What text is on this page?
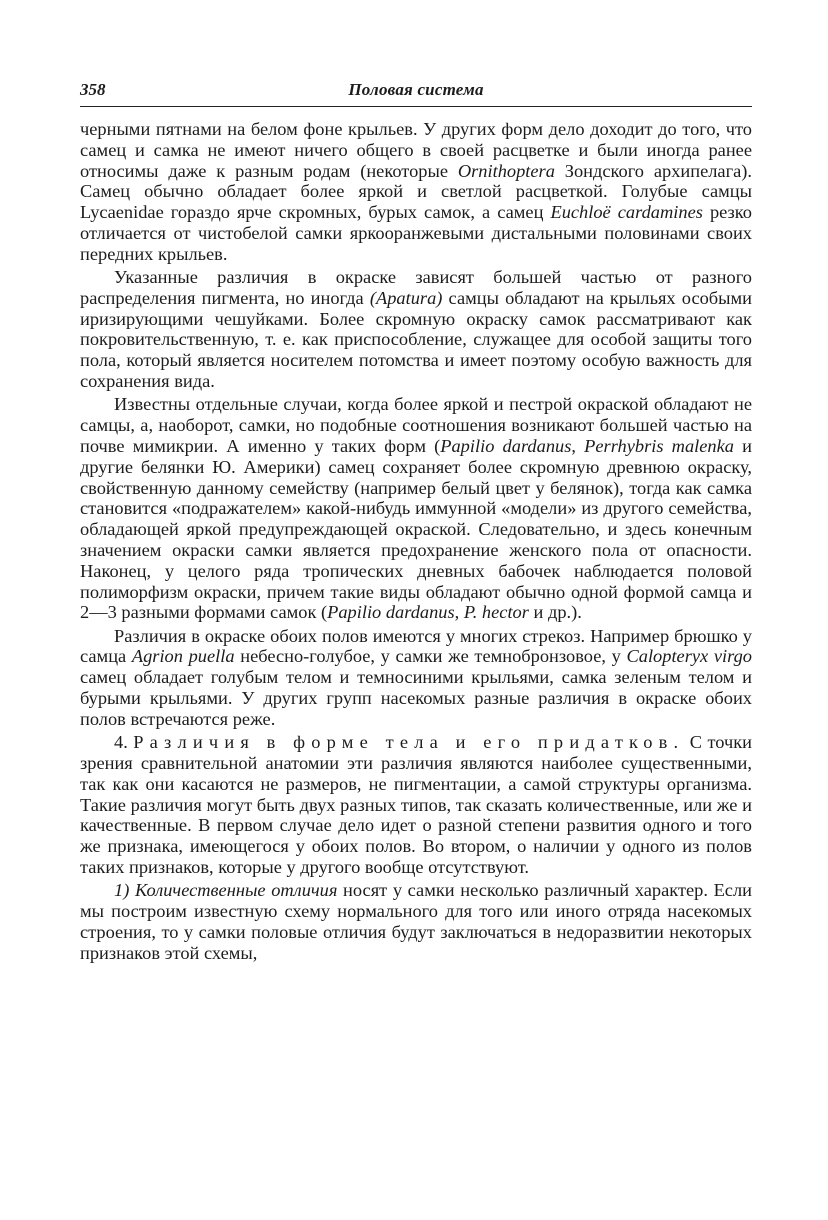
358	Половая система

черными пятнами на белом фоне крыльев. У других форм дело доходит до того, что самец и самка не имеют ничего общего в своей расцветке и были иногда ранее относимы даже к разным родам (некоторые Ornithoptera Зондского архипелага). Самец обычно обладает более яркой и светлой расцветкой. Голубые самцы Lycaenidae гораздо ярче скромных, бурых самок, а самец Euchloë cardamines резко отличается от чистобелой самки яркооранжевыми дистальными половинами своих передних крыльев.

Указанные различия в окраске зависят большей частью от разного распределения пигмента, но иногда (Apatura) самцы обладают на крыльях особыми иризирующими чешуйками. Более скромную окраску самок рассматривают как покровительственную, т. е. как приспособление, служащее для особой защиты того пола, который является носителем потомства и имеет поэтому особую важность для сохранения вида.

Известны отдельные случаи, когда более яркой и пестрой окраской обладают не самцы, а, наоборот, самки, но подобные соотношения возникают большей частью на почве мимикрии. А именно у таких форм (Papilio dardanus, Perrhybris malenka и другие белянки Ю. Америки) самец сохраняет более скромную древнюю окраску, свойственную данному семейству (например белый цвет у белянок), тогда как самка становится «подражателем» какой-нибудь иммунной «модели» из другого семейства, обладающей яркой предупреждающей окраской. Следовательно, и здесь конечным значением окраски самки является предохранение женского пола от опасности. Наконец, у целого ряда тропических дневных бабочек наблюдается половой полиморфизм окраски, причем такие виды обладают обычно одной формой самца и 2—3 разными формами самок (Papilio dardanus, P. hector и др.).

Различия в окраске обоих полов имеются у многих стрекоз. Например брюшко у самца Agrion puella небесно-голубое, у самки же темнобронзовое, у Calopteryx virgo самец обладает голубым телом и темносиними крыльями, самка зеленым телом и бурыми крыльями. У других групп насекомых разные различия в окраске обоих полов встречаются реже.

4. Различия в форме тела и его придатков. С точки зрения сравнительной анатомии эти различия являются наиболее существенными, так как они касаются не размеров, не пигментации, а самой структуры организма. Такие различия могут быть двух разных типов, так сказать количественные, или же и качественные. В первом случае дело идет о разной степени развития одного и того же признака, имеющегося у обоих полов. Во втором, о наличии у одного из полов таких признаков, которые у другого вообще отсутствуют.

1) Количественные отличия носят у самки несколько различный характер. Если мы построим известную схему нормального для того или иного отряда насекомых строения, то у самки половые отличия будут заключаться в недоразвитии некоторых признаков этой схемы,
